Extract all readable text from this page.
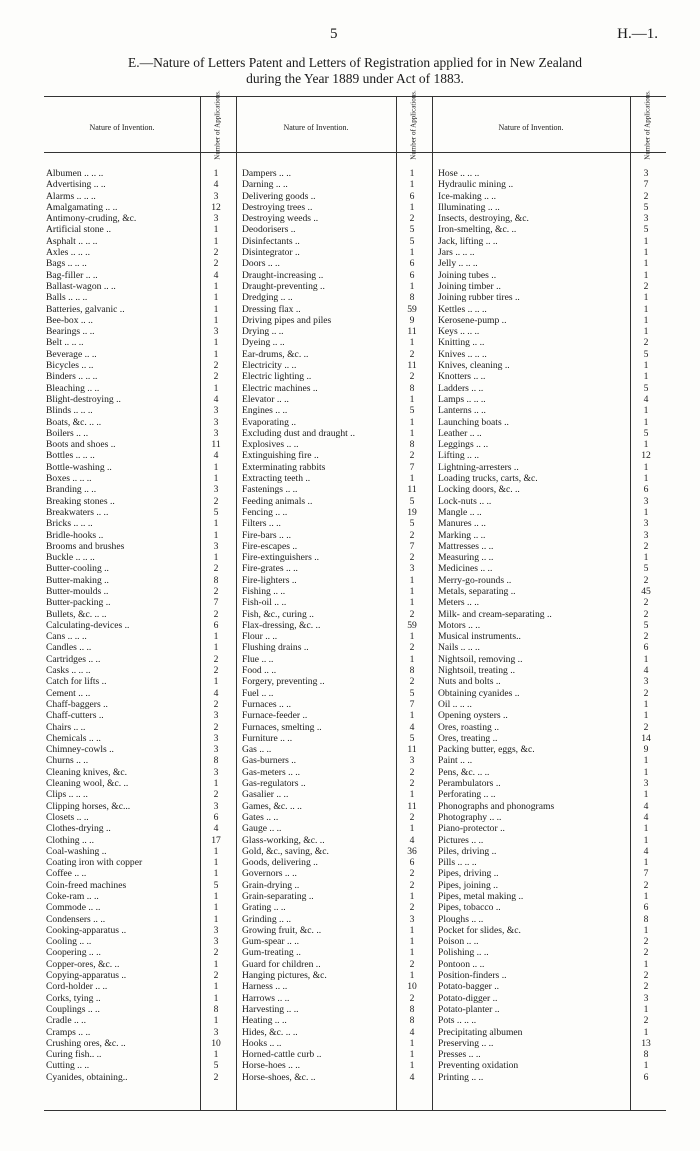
5	H.—1.
E.—Nature of Letters Patent and Letters of Registration applied for in New Zealand
during the Year 1889 under Act of 1883.
Nature of Invention.	Number of Applications.	Nature of Invention.	Number of Applications.	Nature of Invention.	Number of Applications.
Albumen .. .. ..	1
Advertising .. ..	4
Alarms .. .. ..	3
Amalgamating .. ..	12
Antimony-cruding, &c.	3
Artificial stone ..	1
Asphalt .. .. ..	1
Axles .. .. ..	2
Bags .. .. ..	2
Bag-filler .. ..	4
Ballast-wagon .. ..	1
Balls .. .. ..	1
Batteries, galvanic ..	1
Bee-box .. ..	1
Bearings .. ..	3
Belt .. .. ..	1
Beverage .. ..	1
Bicycles .. ..	2
Binders .. .. ..	2
Bleaching .. ..	1
Blight-destroying ..	4
Blinds .. .. ..	3
Boats, &c. .. ..	3
Boilers .. ..	3
Boots and shoes ..	11
Bottles .. .. ..	4
Bottle-washing ..	1
Boxes .. .. ..	1
Branding .. ..	3
Breaking stones ..	2
Breakwaters .. ..	5
Bricks .. .. ..	1
Bridle-hooks ..	1
Brooms and brushes	3
Buckle .. .. ..	1
Butter-cooling ..	2
Butter-making ..	8
Butter-moulds ..	2
Butter-packing ..	7
Bullets, &c. .. ..	2
Calculating-devices ..	6
Cans .. .. ..	1
Candles .. ..	1
Cartridges .. ..	2
Casks .. .. ..	2
Catch for lifts ..	1
Cement .. ..	4
Chaff-baggers ..	2
Chaff-cutters ..	3
Chairs .. ..	2
Chemicals .. ..	3
Chimney-cowls ..	3
Churns .. ..	8
Cleaning knives, &c.	3
Cleaning wool, &c. ..	1
Clips .. .. ..	2
Clipping horses, &c...	3
Closets .. ..	6
Clothes-drying ..	4
Clothing .. ..	17
Coal-washing ..	1
Coating iron with copper	1
Coffee .. ..	1
Coin-freed machines	5
Coke-ram .. ..	1
Commode .. ..	1
Condensers .. ..	1
Cooking-apparatus ..	3
Cooling .. ..	3
Coopering .. ..	2
Copper-ores, &c. ..	1
Copying-apparatus ..	2
Cord-holder .. ..	1
Corks, tying ..	1
Couplings .. ..	8
Cradle .. ..	1
Cramps .. ..	3
Crushing ores, &c. ..	10
Curing fish.. ..	1
Cutting .. ..	5
Cyanides, obtaining..	2
Dampers .. ..	1
Darning .. ..	1
Delivering goods ..	6
Destroying trees ..	1
Destroying weeds ..	2
Deodorisers ..	5
Disinfectants ..	5
Disintegrator ..	1
Doors .. ..	6
Draught-increasing ..	6
Draught-preventing ..	1
Dredging .. ..	8
Dressing flax ..	59
Driving pipes and piles	9
Drying .. ..	11
Dyeing .. ..	1
Ear-drums, &c. ..	2
Electricity .. ..	11
Electric lighting ..	2
Electric machines ..	8
Elevator .. ..	1
Engines .. ..	5
Evaporating ..	1
Excluding dust and draught ..	1
Explosives .. ..	8
Extinguishing fire ..	2
Exterminating rabbits	7
Extracting teeth ..	1
Fastenings .. ..	11
Feeding animals ..	5
Fencing .. ..	19
Filters .. ..	5
Fire-bars .. ..	2
Fire-escapes ..	7
Fire-extinguishers ..	2
Fire-grates .. ..	3
Fire-lighters ..	1
Fishing .. ..	1
Fish-oil .. ..	1
Fish, &c., curing ..	2
Flax-dressing, &c. ..	59
Flour .. ..	1
Flushing drains ..	2
Flue .. ..	1
Food .. ..	8
Forgery, preventing ..	2
Fuel .. ..	5
Furnaces .. ..	7
Furnace-feeder ..	1
Furnaces, smelting ..	4
Furniture .. ..	5
Gas .. ..	11
Gas-burners ..	3
Gas-meters .. ..	2
Gas-regulators ..	2
Gasalier .. ..	1
Games, &c. .. ..	11
Gates .. ..	2
Gauge .. ..	1
Glass-working, &c. ..	4
Gold, &c., saving, &c.	36
Goods, delivering ..	6
Governors .. ..	2
Grain-drying ..	2
Grain-separating ..	1
Grating .. ..	2
Grinding .. ..	3
Growing fruit, &c. ..	1
Gum-spear .. ..	1
Gum-treating ..	1
Guard for children ..	2
Hanging pictures, &c.	1
Harness .. ..	10
Harrows .. ..	2
Harvesting .. ..	8
Heating .. ..	8
Hides, &c. .. ..	4
Hooks .. ..	1
Horned-cattle curb ..	1
Horse-hoes .. ..	1
Horse-shoes, &c. ..	4
Hose .. .. ..	3
Hydraulic mining ..	7
Ice-making .. ..	2
Illuminating .. ..	5
Insects, destroying, &c.	3
Iron-smelting, &c. ..	5
Jack, lifting .. ..	1
Jars .. .. ..	1
Jelly .. .. ..	1
Joining tubes ..	1
Joining timber ..	2
Joining rubber tires ..	1
Kettles .. .. ..	1
Kerosene-pump ..	1
Keys .. .. ..	1
Knitting .. ..	2
Knives .. .. ..	5
Knives, cleaning ..	1
Knotters .. ..	1
Ladders .. ..	5
Lamps .. .. ..	4
Lanterns .. ..	1
Launching boats ..	1
Leather .. ..	5
Leggings .. ..	1
Lifting .. ..	12
Lightning-arresters ..	1
Loading trucks, carts, &c.	1
Locking doors, &c. ..	6
Lock-nuts .. ..	3
Mangle .. ..	1
Manures .. ..	3
Marking .. ..	3
Mattresses .. ..	2
Measuring .. ..	1
Medicines .. ..	5
Merry-go-rounds ..	2
Metals, separating ..	45
Meters .. ..	2
Milk- and cream-separating ..	2
Motors .. ..	5
Musical instruments..	2
Nails .. .. ..	6
Nightsoil, removing ..	1
Nightsoil, treating ..	4
Nuts and bolts ..	3
Obtaining cyanides ..	2
Oil .. .. ..	1
Opening oysters ..	1
Ores, roasting ..	2
Ores, treating ..	14
Packing butter, eggs, &c.	9
Paint .. ..	1
Pens, &c. .. ..	1
Perambulators ..	3
Perforating .. ..	1
Phonographs and phonograms	4
Photography .. ..	4
Piano-protector ..	1
Pictures .. ..	1
Piles, driving ..	4
Pills .. .. ..	1
Pipes, driving ..	7
Pipes, joining ..	2
Pipes, metal making ..	1
Pipes, tobacco ..	6
Ploughs .. ..	8
Pocket for slides, &c.	1
Poison .. ..	2
Polishing .. ..	2
Pontoon .. ..	1
Position-finders ..	2
Potato-bagger ..	2
Potato-digger ..	3
Potato-planter ..	1
Pots .. .. ..	2
Precipitating albumen	1
Preserving .. ..	13
Presses .. ..	8
Preventing oxidation	1
Printing .. ..	6
